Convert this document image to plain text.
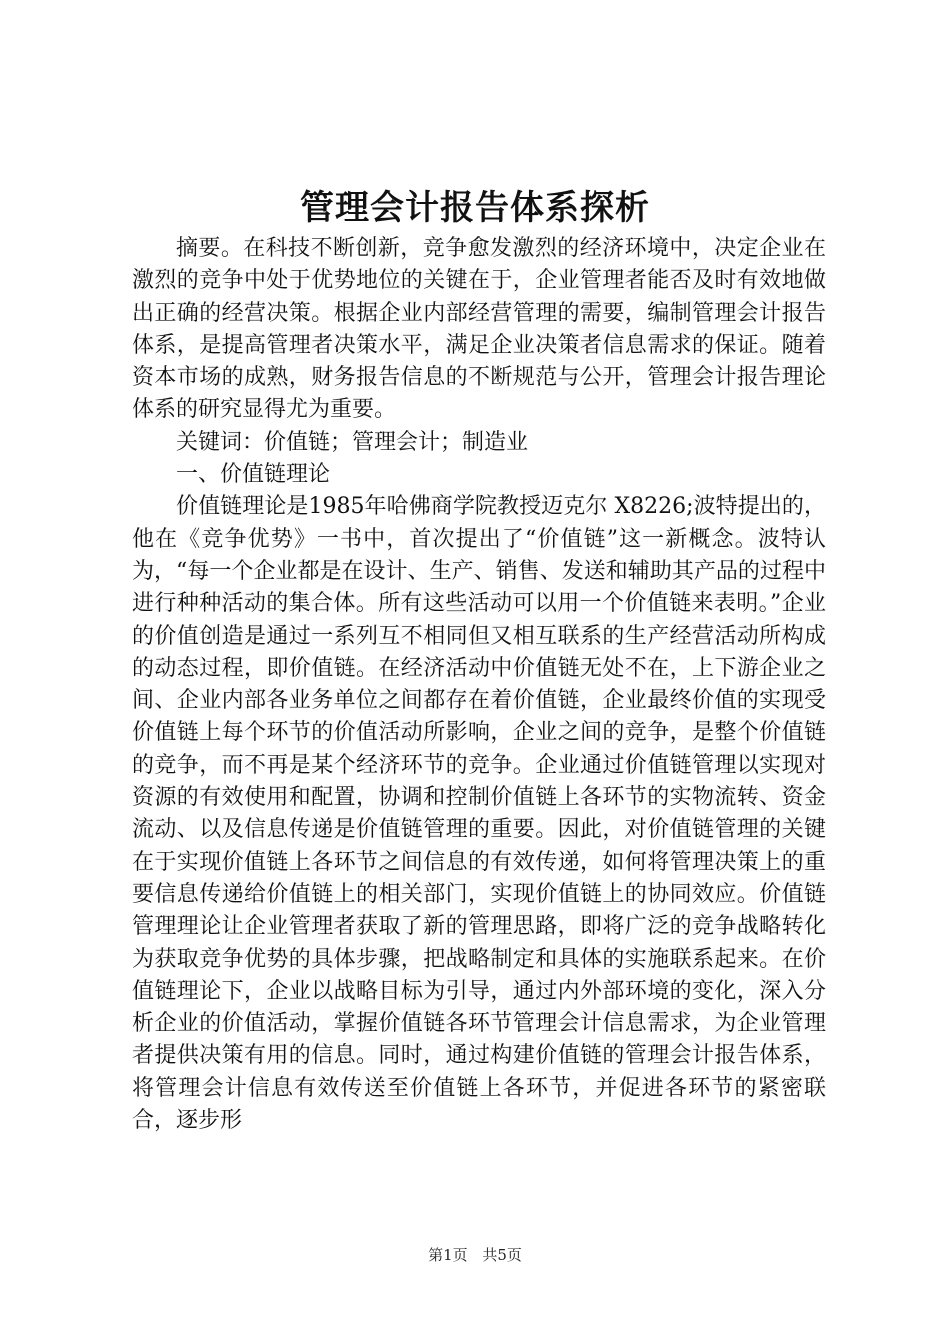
管理会计报告体系探析

摘要。在科技不断创新，竞争愈发激烈的经济环境中，决定企业在激烈的竞争中处于优势地位的关键在于，企业管理者能否及时有效地做出正确的经营决策。根据企业内部经营管理的需要，编制管理会计报告体系，是提高管理者决策水平，满足企业决策者信息需求的保证。随着资本市场的成熟，财务报告信息的不断规范与公开，管理会计报告理论体系的研究显得尤为重要。

关键词：价值链；管理会计；制造业

一、价值链理论

价值链理论是1985年哈佛商学院教授迈克尔 X8226;波特提出的，他在《竞争优势》一书中，首次提出了“价值链”这一新概念。波特认为，“每一个企业都是在设计、生产、销售、发送和辅助其产品的过程中进行种种活动的集合体。所有这些活动可以用一个价值链来表明。”企业的价值创造是通过一系列互不相同但又相互联系的生产经营活动所构成的动态过程，即价值链。在经济活动中价值链无处不在，上下游企业之间、企业内部各业务单位之间都存在着价值链，企业最终价值的实现受价值链上每个环节的价值活动所影响，企业之间的竞争，是整个价值链的竞争，而不再是某个经济环节的竞争。企业通过价值链管理以实现对资源的有效使用和配置，协调和控制价值链上各环节的实物流转、资金流动、以及信息传递是价值链管理的重要。因此，对价值链管理的关键在于实现价值链上各环节之间信息的有效传递，如何将管理决策上的重要信息传递给价值链上的相关部门，实现价值链上的协同效应。价值链管理理论让企业管理者获取了新的管理思路，即将广泛的竞争战略转化为获取竞争优势的具体步骤，把战略制定和具体的实施联系起来。在价值链理论下，企业以战略目标为引导，通过内外部环境的变化，深入分析企业的价值活动，掌握价值链各环节管理会计信息需求，为企业管理者提供决策有用的信息。同时，通过构建价值链的管理会计报告体系，将管理会计信息有效传送至价值链上各环节，并促进各环节的紧密联合，逐步形

第1页 共5页
